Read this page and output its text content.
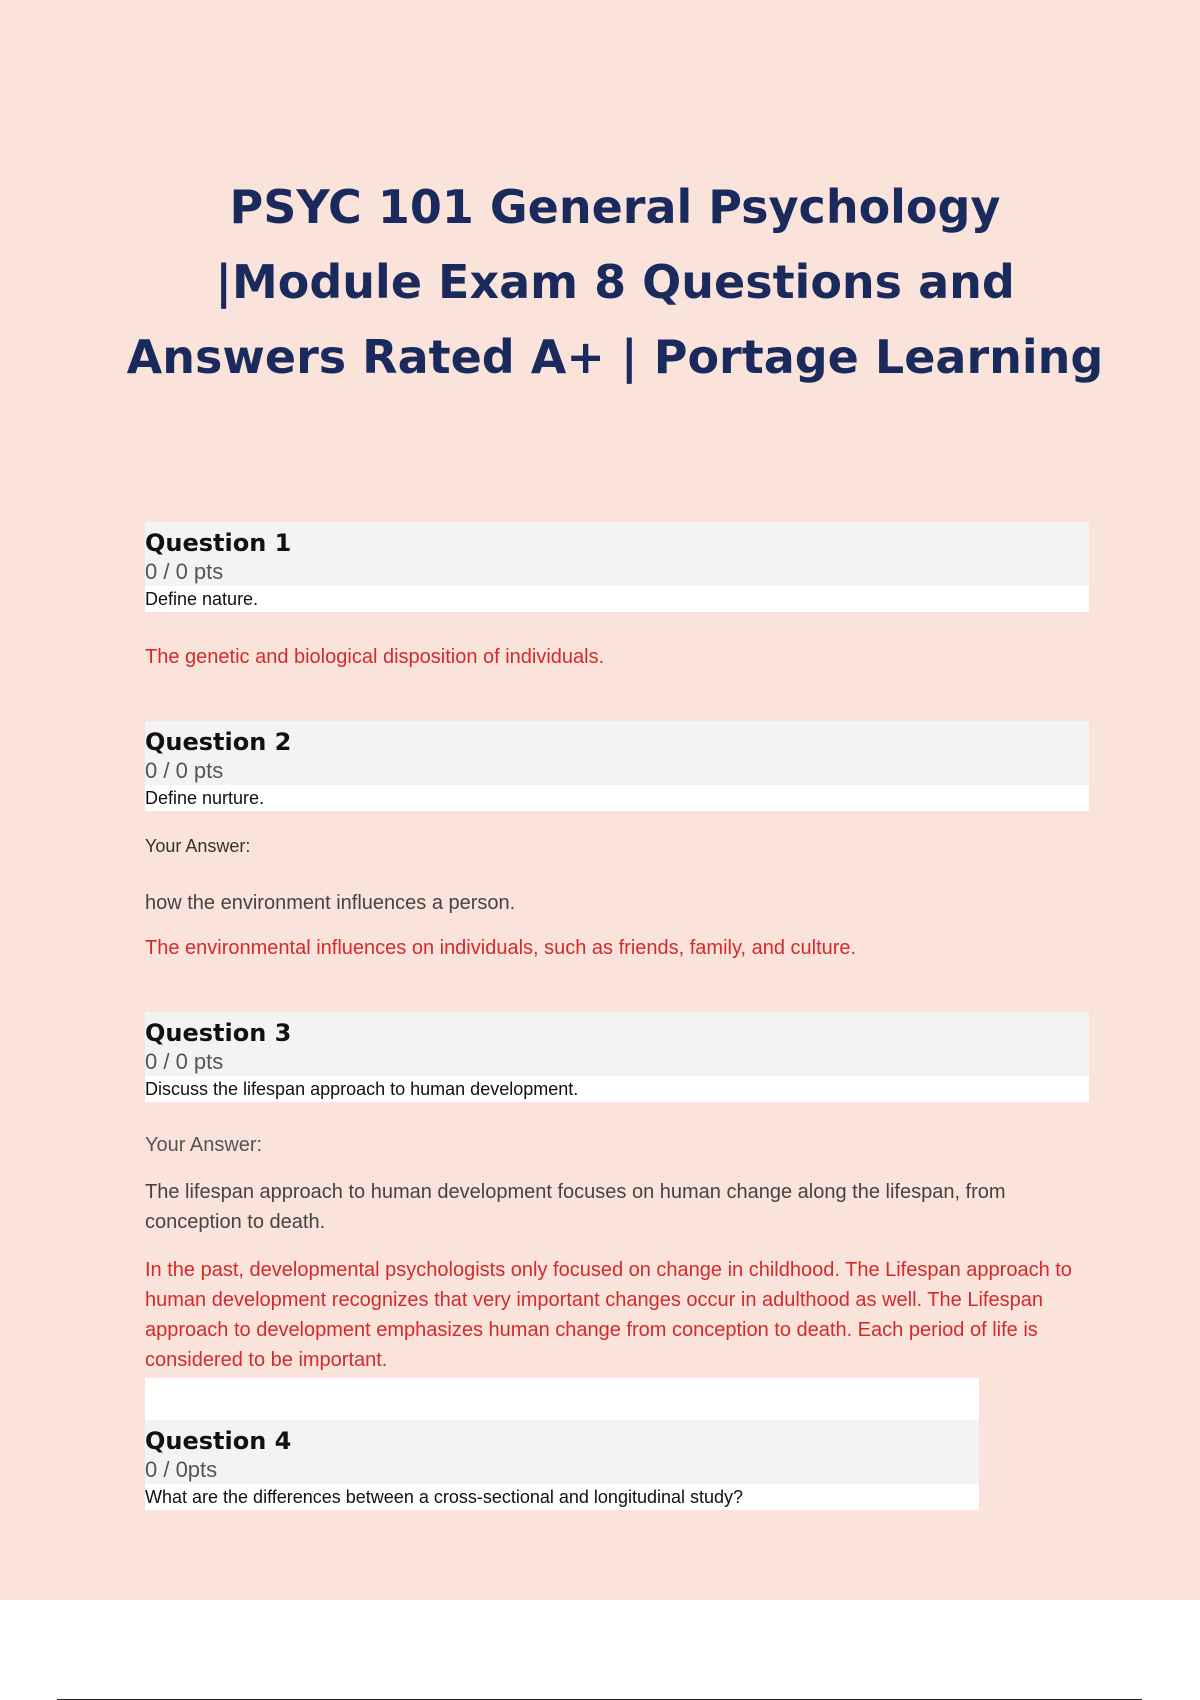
PSYC 101 General Psychology |Module Exam 8 Questions and Answers Rated A+ | Portage Learning
Question 1
0 / 0 pts
Define nature.
The genetic and biological disposition of individuals.
Question 2
0 / 0 pts
Define nurture.
Your Answer:
how the environment influences a person.
The environmental influences on individuals, such as friends, family, and culture.
Question 3
0 / 0 pts
Discuss the lifespan approach to human development.
Your Answer:
The lifespan approach to human development focuses on human change along the lifespan, from conception to death.
In the past, developmental psychologists only focused on change in childhood. The Lifespan approach to human development recognizes that very important changes occur in adulthood as well. The Lifespan approach to development emphasizes human change from conception to death. Each period of life is considered to be important.
Question 4
0 / 0pts
What are the differences between a cross-sectional and longitudinal study?
